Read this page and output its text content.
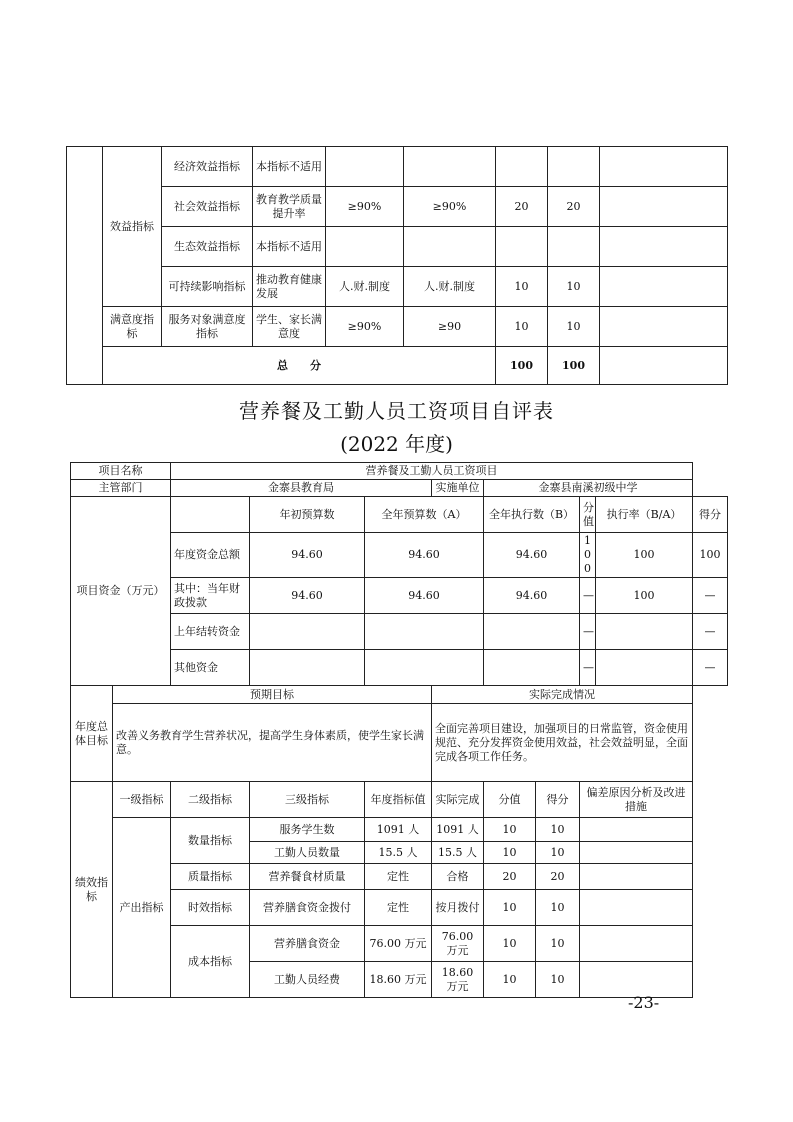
	效益指标	经济效益指标	本指标不适用					
		社会效益指标	教育教学质量提升率	≥90%	≥90%	20	20	
		生态效益指标	本指标不适用					
		可持续影响指标	推动教育健康发展	人.财.制度	人.财.制度	10	10	
	满意度指标	服务对象满意度指标	学生、家长满意度	≥90%	≥90	10	10	
	总　　分					100	100	
营养餐及工勤人员工资项目自评表
(2022 年度)
项目名称		营养餐及工勤人员工资项目								
主管部门		金寨县教育局			实施单位	金寨县南溪初级中学				
项目资金（万元）			年初预算数	全年预算数（A）		全年执行数（B）		分值	执行率（B/A）	得分
		年度资金总额	94.60	94.60		94.60		100	100	100
		其中：当年财政拨款	94.60	94.60		94.60		—	100	—
		上年结转资金						—		—
		其他资金						—		—
年度总体目标	预期目标				实际完成情况					
	改善义务教育学生营养状况，提高学生身体素质，使学生家长满意。				全面完善项目建设，加强项目的日常监管，资金使用规范、充分发挥资金使用效益，社会效益明显，全面完成各项工作任务。					
绩效指标	一级指标	二级指标	三级指标	年度指标值	实际完成	分值	得分	偏差原因分析及改进措施		
	产出指标	数量指标	服务学生数	1091 人	1091 人	10	10			
			工勤人员数量	15.5 人	15.5 人	10	10			
		质量指标	营养餐食材质量	定性	合格	20	20			
		时效指标	营养膳食资金拨付	定性	按月拨付	10	10			
		成本指标	营养膳食资金	76.00 万元	76.00 万元	10	10			
			工勤人员经费	18.60 万元	18.60 万元	10	10			
-23-
